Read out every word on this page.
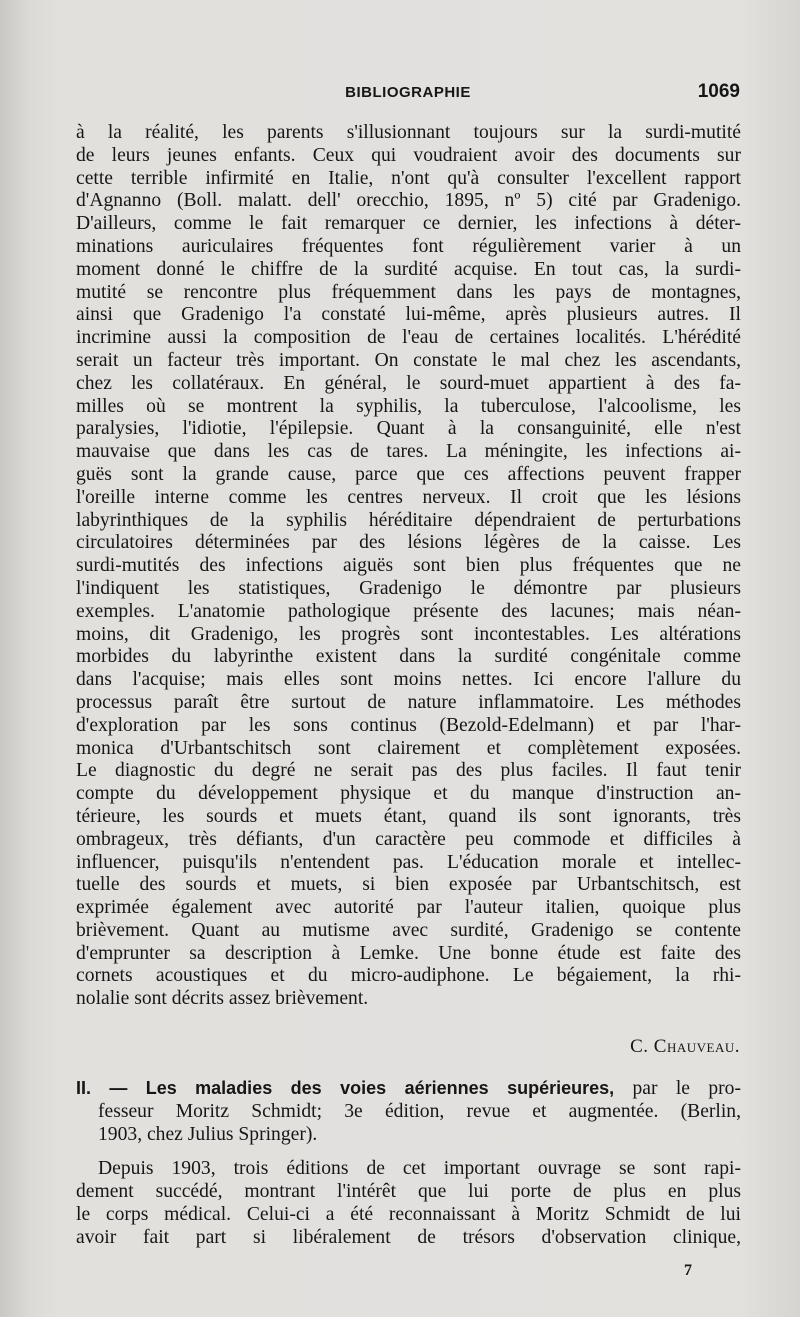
BIBLIOGRAPHIE	1069
à la réalité, les parents s'illusionnant toujours sur la surdi-mutité
de leurs jeunes enfants. Ceux qui voudraient avoir des documents sur
cette terrible infirmité en Italie, n'ont qu'à consulter l'excellent rapport
d'Agnanno (Boll. malatt. dell' orecchio, 1895, nº 5) cité par Gradenigo.
D'ailleurs, comme le fait remarquer ce dernier, les infections à déter-
minations auriculaires fréquentes font régulièrement varier à un
moment donné le chiffre de la surdité acquise. En tout cas, la surdi-
mutité se rencontre plus fréquemment dans les pays de montagnes,
ainsi que Gradenigo l'a constaté lui-même, après plusieurs autres. Il
incrimine aussi la composition de l'eau de certaines localités. L'hérédité
serait un facteur très important. On constate le mal chez les ascendants,
chez les collatéraux. En général, le sourd-muet appartient à des fa-
milles où se montrent la syphilis, la tuberculose, l'alcoolisme, les
paralysies, l'idiotie, l'épilepsie. Quant à la consanguinité, elle n'est
mauvaise que dans les cas de tares. La méningite, les infections ai-
guës sont la grande cause, parce que ces affections peuvent frapper
l'oreille interne comme les centres nerveux. Il croit que les lésions
labyrinthiques de la syphilis héréditaire dépendraient de perturbations
circulatoires déterminées par des lésions légères de la caisse. Les
surdi-mutités des infections aiguës sont bien plus fréquentes que ne
l'indiquent les statistiques, Gradenigo le démontre par plusieurs
exemples. L'anatomie pathologique présente des lacunes; mais néan-
moins, dit Gradenigo, les progrès sont incontestables. Les altérations
morbides du labyrinthe existent dans la surdité congénitale comme
dans l'acquise; mais elles sont moins nettes. Ici encore l'allure du
processus paraît être surtout de nature inflammatoire. Les méthodes
d'exploration par les sons continus (Bezold-Edelmann) et par l'har-
monica d'Urbantschitsch sont clairement et complètement exposées.
Le diagnostic du degré ne serait pas des plus faciles. Il faut tenir
compte du développement physique et du manque d'instruction an-
térieure, les sourds et muets étant, quand ils sont ignorants, très
ombrageux, très défiants, d'un caractère peu commode et difficiles à
influencer, puisqu'ils n'entendent pas. L'éducation morale et intellec-
tuelle des sourds et muets, si bien exposée par Urbantschitsch, est
exprimée également avec autorité par l'auteur italien, quoique plus
brièvement. Quant au mutisme avec surdité, Gradenigo se contente
d'emprunter sa description à Lemke. Une bonne étude est faite des
cornets acoustiques et du micro-audiphone. Le bégaiement, la rhi-
nolalie sont décrits assez brièvement.
C. Chauveau.
II. — Les maladies des voies aériennes supérieures, par le pro-
fesseur Moritz Schmidt; 3e édition, revue et augmentée. (Berlin,
1903, chez Julius Springer).
Depuis 1903, trois éditions de cet important ouvrage se sont rapi-
dement succédé, montrant l'intérêt que lui porte de plus en plus
le corps médical. Celui-ci a été reconnaissant à Moritz Schmidt de lui
avoir fait part si libéralement de trésors d'observation clinique,
7
